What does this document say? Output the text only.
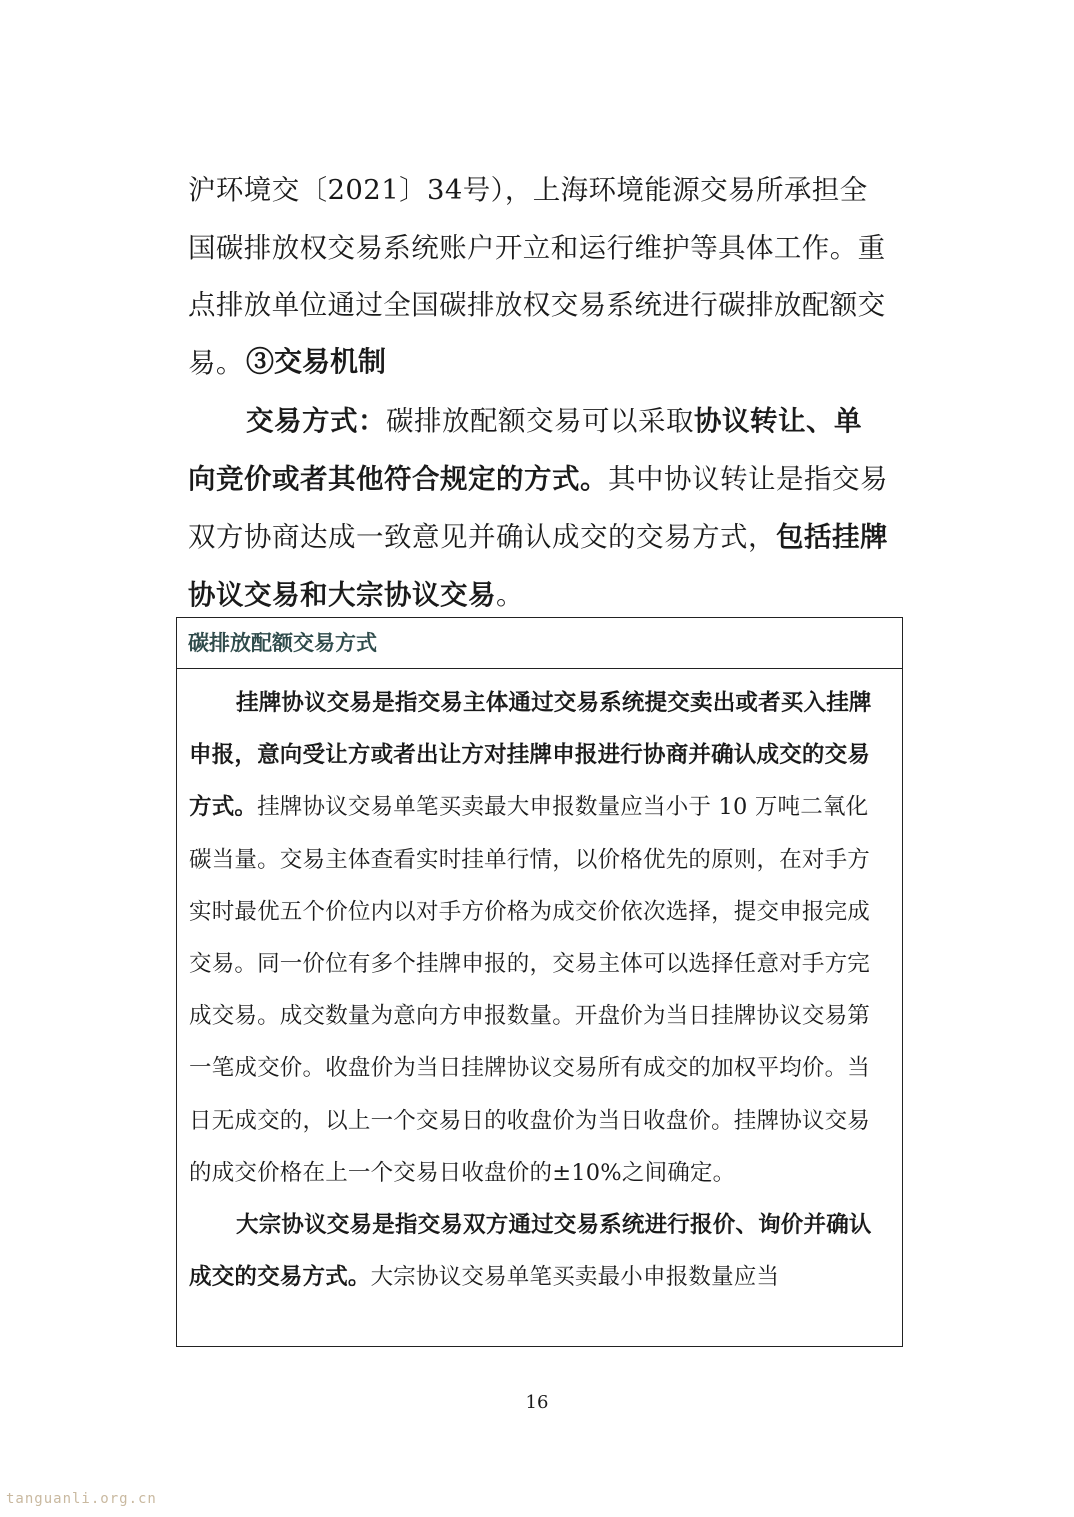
沪环境交〔2021〕34号），上海环境能源交易所承担全国碳排放权交易系统账户开立和运行维护等具体工作。重点排放单位通过全国碳排放权交易系统进行碳排放配额交易。 ③交易机制

交易方式：碳排放配额交易可以采取协议转让、单向竞价或者其他符合规定的方式。其中协议转让是指交易双方协商达成一致意见并确认成交的交易方式，包括挂牌协议交易和大宗协议交易。

碳排放配额交易方式

挂牌协议交易是指交易主体通过交易系统提交卖出或者买入挂牌申报，意向受让方或者出让方对挂牌申报进行协商并确认成交的交易方式。挂牌协议交易单笔买卖最大申报数量应当小于 10 万吨二氧化碳当量。交易主体查看实时挂单行情，以价格优先的原则，在对手方实时最优五个价位内以对手方价格为成交价依次选择，提交申报完成交易。同一价位有多个挂牌申报的，交易主体可以选择任意对手方完成交易。成交数量为意向方申报数量。开盘价为当日挂牌协议交易第一笔成交价。收盘价为当日挂牌协议交易所有成交的加权平均价。当日无成交的，以上一个交易日的收盘价为当日收盘价。挂牌协议交易的成交价格在上一个交易日收盘价的±10%之间确定。

大宗协议交易是指交易双方通过交易系统进行报价、询价并确认成交的交易方式。大宗协议交易单笔买卖最小申报数量应当

16
tanguanli.org.cn
